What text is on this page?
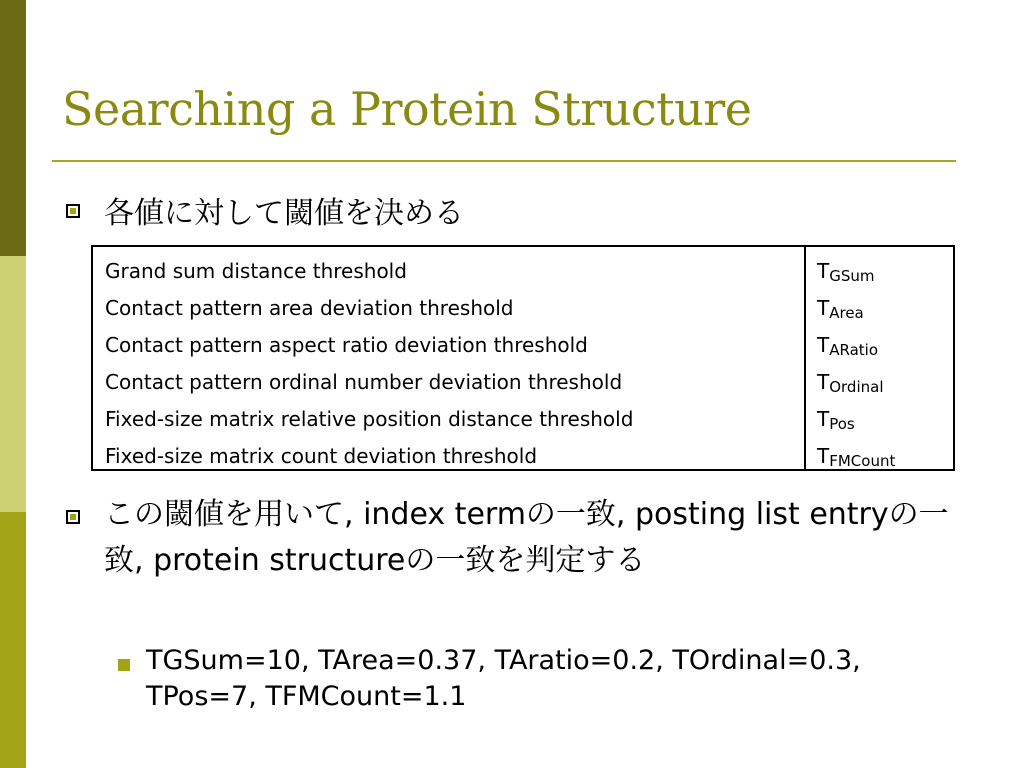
Searching a Protein Structure
各値に対して閾値を決める
Grand sum distance threshold
Contact pattern area deviation threshold
Contact pattern aspect ratio deviation threshold
Contact pattern ordinal number deviation threshold
Fixed-size matrix relative position distance threshold
Fixed-size matrix count deviation threshold
$T_{GSum}$
$T_{Area}$
$T_{ARatio}$
$T_{Ordinal}$
$T_{Pos}$
$T_{FMCount}$
この閾値を用いて, index termの一致, posting list entryの一致, protein structureの一致を判定する
TGSum=10, TArea=0.37, TAratio=0.2, TOrdinal=0.3, TPos=7, TFMCount=1.1
